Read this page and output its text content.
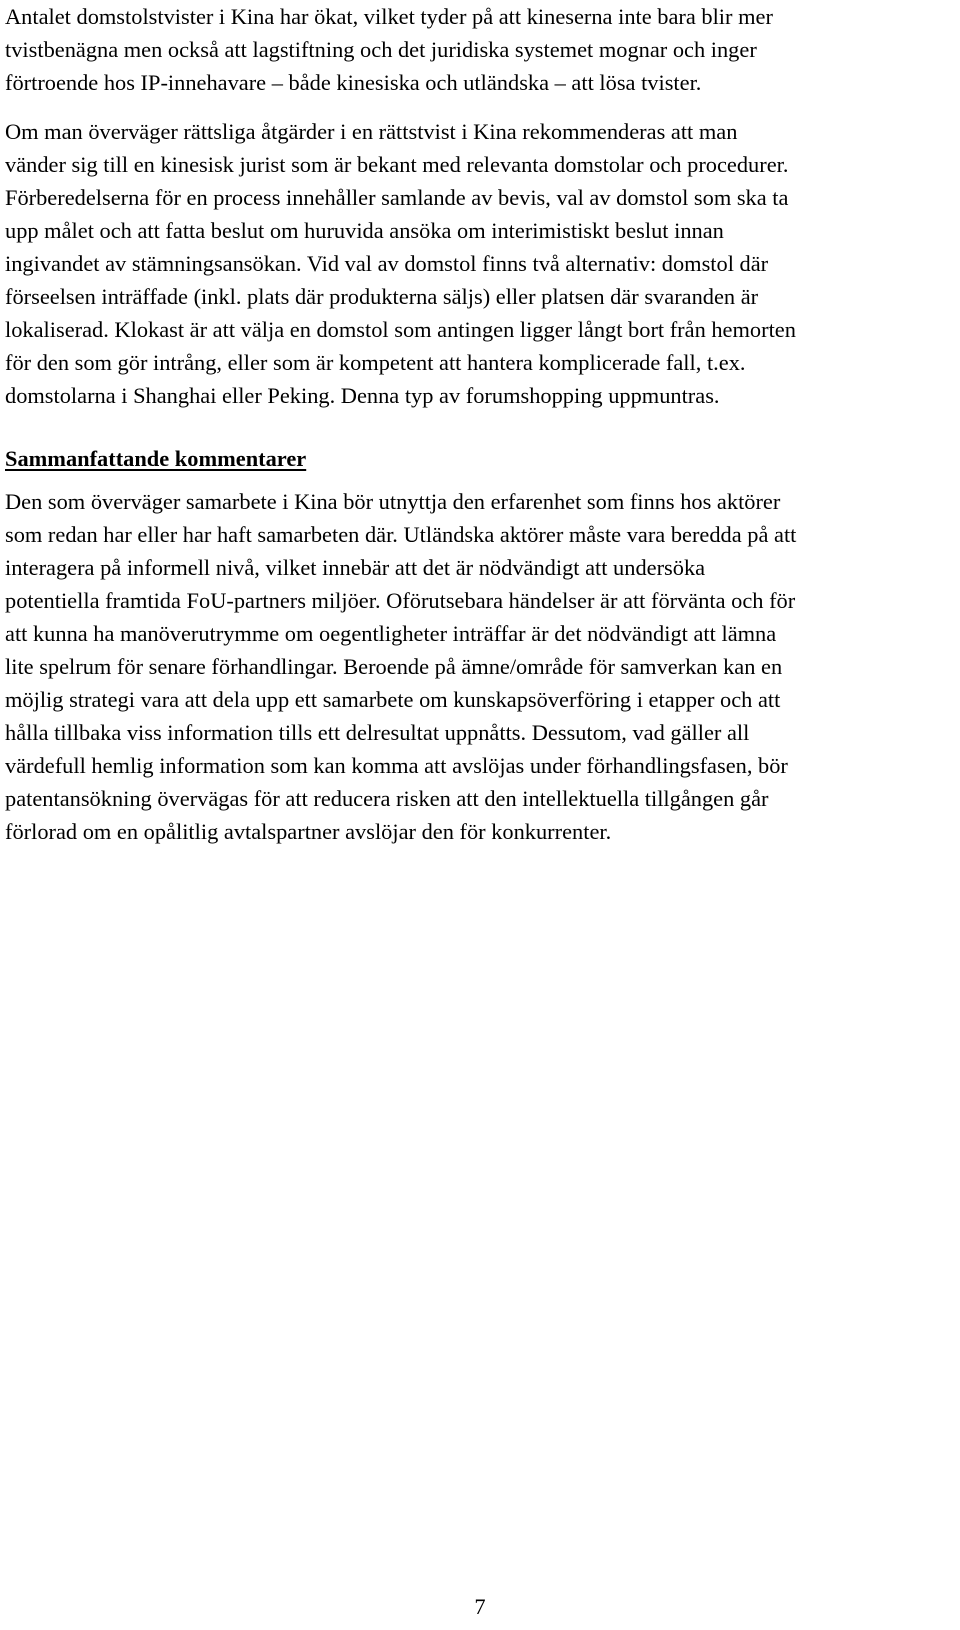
Antalet domstolstvister i Kina har ökat, vilket tyder på att kineserna inte bara blir mer
tvistbenägna men också att lagstiftning och det juridiska systemet mognar och inger
förtroende hos IP-innehavare – både kinesiska och utländska – att lösa tvister.

Om man överväger rättsliga åtgärder i en rättstvist i Kina rekommenderas att man
vänder sig till en kinesisk jurist som är bekant med relevanta domstolar och procedurer.
Förberedelserna för en process innehåller samlande av bevis, val av domstol som ska ta
upp målet och att fatta beslut om huruvida ansöka om interimistiskt beslut innan
ingivandet av stämningsansökan. Vid val av domstol finns två alternativ: domstol där
förseelsen inträffade (inkl. plats där produkterna säljs) eller platsen där svaranden är
lokaliserad. Klokast är att välja en domstol som antingen ligger långt bort från hemorten
för den som gör intrång, eller som är kompetent att hantera komplicerade fall, t.ex.
domstolarna i Shanghai eller Peking. Denna typ av forumshopping uppmuntras.

Sammanfattande kommentarer

Den som överväger samarbete i Kina bör utnyttja den erfarenhet som finns hos aktörer
som redan har eller har haft samarbeten där. Utländska aktörer måste vara beredda på att
interagera på informell nivå, vilket innebär att det är nödvändigt att undersöka
potentiella framtida FoU-partners miljöer. Oförutsebara händelser är att förvänta och för
att kunna ha manöverutrymme om oegentligheter inträffar är det nödvändigt att lämna
lite spelrum för senare förhandlingar. Beroende på ämne/område för samverkan kan en
möjlig strategi vara att dela upp ett samarbete om kunskapsöverföring i etapper och att
hålla tillbaka viss information tills ett delresultat uppnåtts. Dessutom, vad gäller all
värdefull hemlig information som kan komma att avslöjas under förhandlingsfasen, bör
patentansökning övervägas för att reducera risken att den intellektuella tillgången går
förlorad om en opålitlig avtalspartner avslöjar den för konkurrenter.

7
